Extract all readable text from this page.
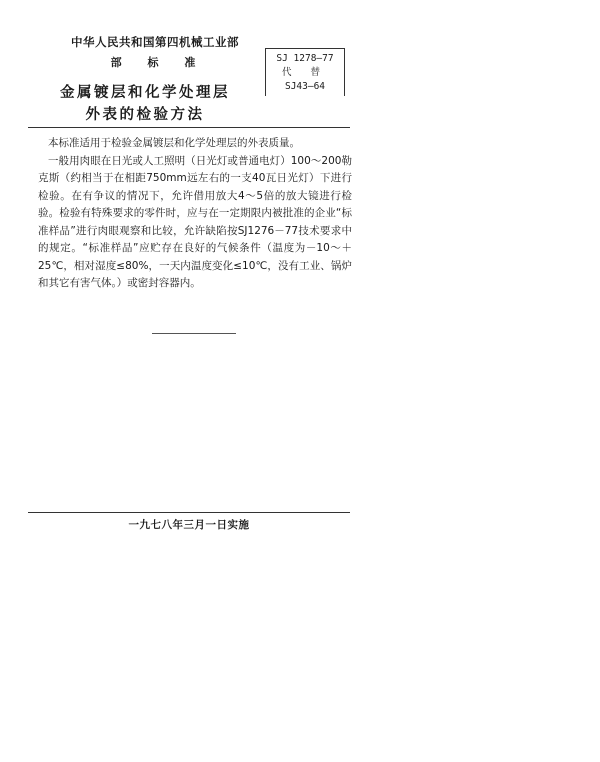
中华人民共和国第四机械工业部
部 标 准	SJ 1278—77
代 替
SJ43—64
金属镀层和化学处理层
外表的检验方法

本标准适用于检验金属镀层和化学处理层的外表质量。

一般用肉眼在日光或人工照明（日光灯或普通电灯）100～200勒克斯（约相当于在相距750mm远左右的一支40瓦日光灯）下进行检验。在有争议的情况下，允许借用放大4～5倍的放大镜进行检验。检验有特殊要求的零件时，应与在一定期限内被批准的企业“标准样品”进行肉眼观察和比较，允许缺陷按SJ1276－77技术要求中的规定。“标准样品”应贮存在良好的气候条件（温度为－10～＋25℃，相对湿度≤80%，一天内温度变化≤10℃，没有工业、锅炉和其它有害气体。）或密封容器内。

一九七八年三月一日实施
